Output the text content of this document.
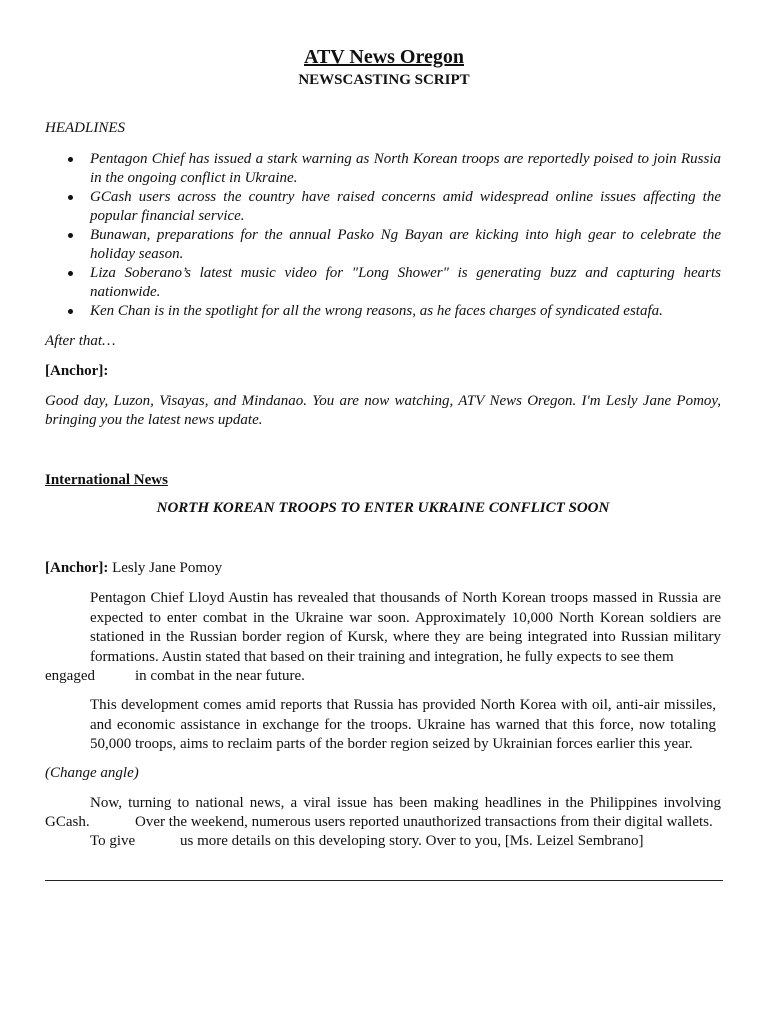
ATV News Oregon
NEWSCASTING SCRIPT
HEADLINES
Pentagon Chief has issued a stark warning as North Korean troops are reportedly poised to join Russia in the ongoing conflict in Ukraine.
GCash users across the country have raised concerns amid widespread online issues affecting the popular financial service.
Bunawan, preparations for the annual Pasko Ng Bayan are kicking into high gear to celebrate the holiday season.
Liza Soberano’s latest music video for "Long Shower" is generating buzz and capturing hearts nationwide.
Ken Chan is in the spotlight for all the wrong reasons, as he faces charges of syndicated estafa.
After that…
[Anchor]:
Good day, Luzon, Visayas, and Mindanao. You are now watching, ATV News Oregon. I'm Lesly Jane Pomoy, bringing you the latest news update.
International News
NORTH KOREAN TROOPS TO ENTER UKRAINE CONFLICT SOON
[Anchor]: Lesly Jane Pomoy
Pentagon Chief Lloyd Austin has revealed that thousands of North Korean troops massed in Russia are expected to enter combat in the Ukraine war soon. Approximately 10,000 North Korean soldiers are stationed in the Russian border region of Kursk, where they are being integrated into Russian military formations. Austin stated that based on their training and integration, he fully expects to see them
engaged	in combat in the near future.
This development comes amid reports that Russia has provided North Korea with oil, anti-air missiles, and economic assistance in exchange for the troops. Ukraine has warned that this force, now totaling 50,000 troops, aims to reclaim parts of the border region seized by Ukrainian forces earlier this year.
(Change angle)
Now, turning to national news, a viral issue has been making headlines in the Philippines involving
GCash.	Over the weekend, numerous users reported unauthorized transactions from their digital wallets.
To give	us more details on this developing story. Over to you, [Ms. Leizel Sembrano]
